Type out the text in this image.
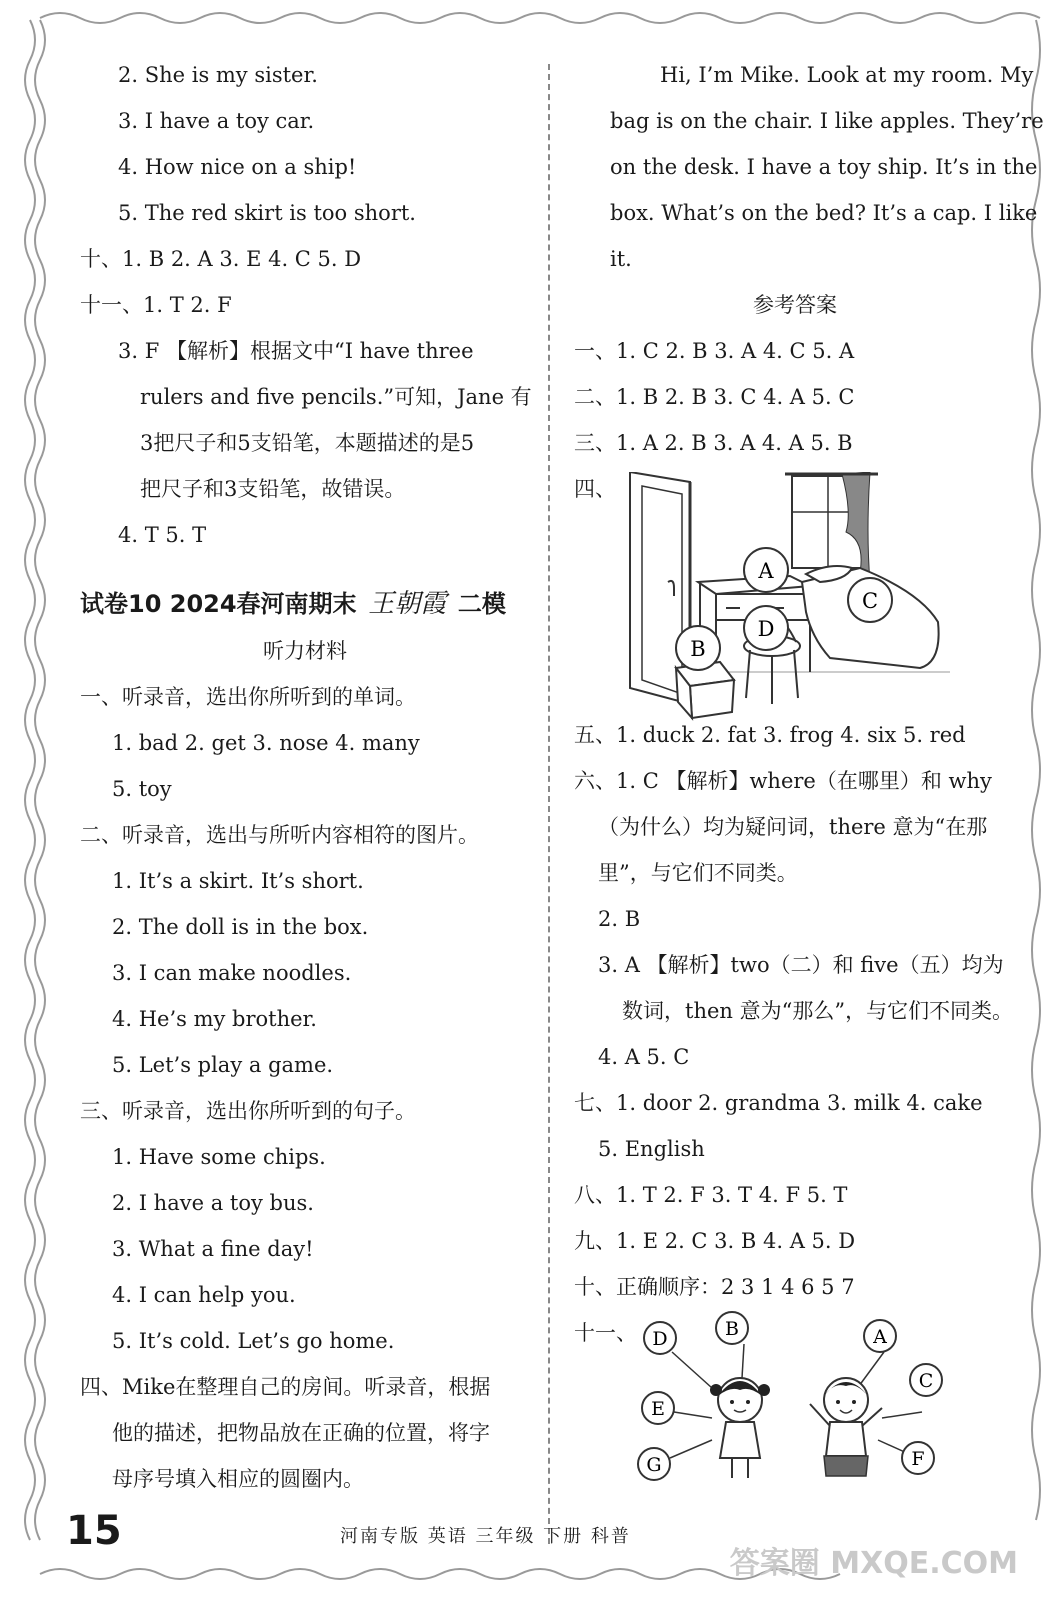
2. She is my sister.
3. I have a toy car.
4. How nice on a ship!
5. The red skirt is too short.
十、1. B 2. A 3. E 4. C 5. D
十一、1. T 2. F
3. F 【解析】根据文中“I have three
rulers and five pencils.”可知，Jane 有
3把尺子和5支铅笔，本题描述的是5
把尺子和3支铅笔，故错误。
4. T 5. T
试卷10 2024春河南期末 王朝霞 二模
听力材料
一、听录音，选出你所听到的单词。
1. bad 2. get 3. nose 4. many
5. toy
二、听录音，选出与所听内容相符的图片。
1. It’s a skirt. It’s short.
2. The doll is in the box.
3. I can make noodles.
4. He’s my brother.
5. Let’s play a game.
三、听录音，选出你所听到的句子。
1. Have some chips.
2. I have a toy bus.
3. What a fine day!
4. I can help you.
5. It’s cold. Let’s go home.
四、Mike在整理自己的房间。听录音，根据
他的描述，把物品放在正确的位置，将字
母序号填入相应的圆圈内。
Hi, I’m Mike. Look at my room. My
bag is on the chair. I like apples. They’re
on the desk. I have a toy ship. It’s in the
box. What’s on the bed? It’s a cap. I like
it.
参考答案
一、1. C 2. B 3. A 4. C 5. A
二、1. B 2. B 3. C 4. A 5. C
三、1. A 2. B 3. A 4. A 5. B
四、
A
B
C
D
五、1. duck 2. fat 3. frog 4. six 5. red
六、1. C 【解析】where（在哪里）和 why
（为什么）均为疑问词，there 意为“在那
里”，与它们不同类。
2. B
3. A 【解析】two（二）和 five（五）均为
数词，then 意为“那么”，与它们不同类。
4. A 5. C
七、1. door 2. grandma 3. milk 4. cake
5. English
八、1. T 2. F 3. T 4. F 5. T
九、1. E 2. C 3. B 4. A 5. D
十、正确顺序：2 3 1 4 6 5 7
十一、 D	B	A
E
C
G	F
15	河南专版 英语 三年级 下册 科普
答案圈 MXQE.COM
